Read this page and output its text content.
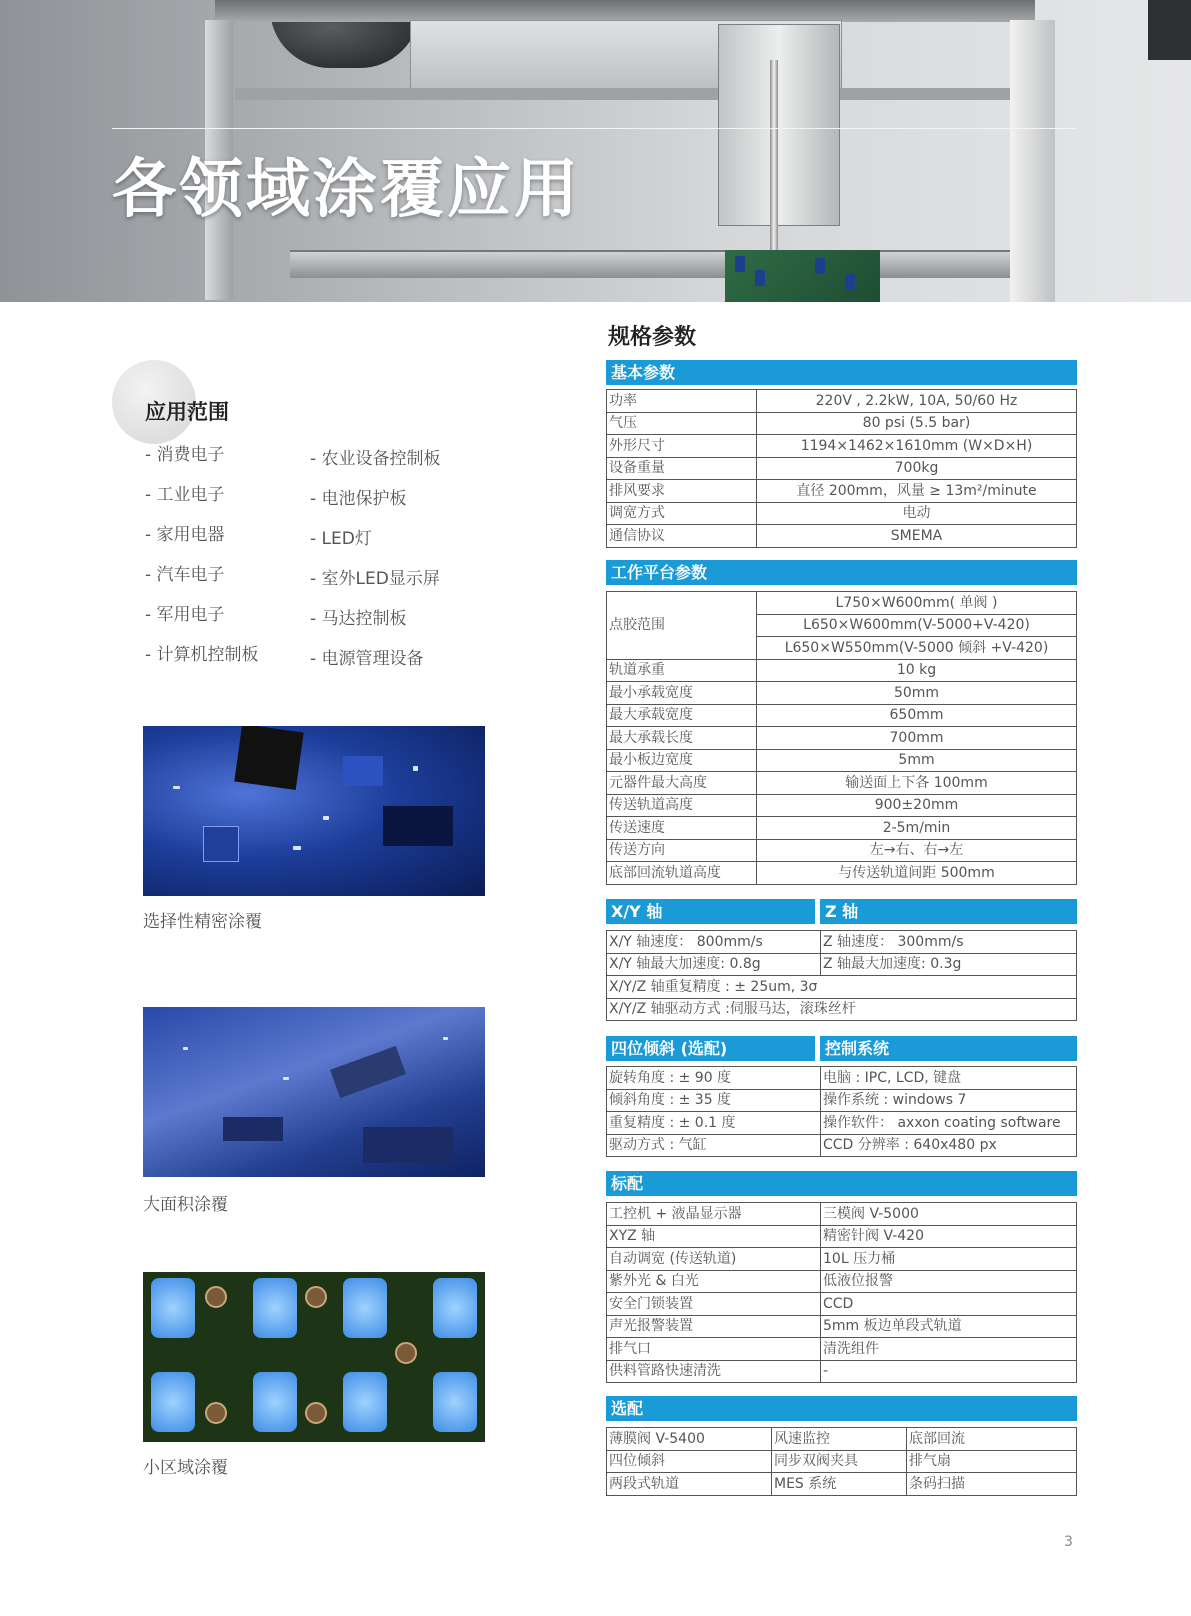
各领域涂覆应用
应用范围
- 消费电子
- 工业电子
- 家用电器
- 汽车电子
- 军用电子
- 计算机控制板
- 农业设备控制板
- 电池保护板
- LED灯
- 室外LED显示屏
- 马达控制板
- 电源管理设备

选择性精密涂覆

大面积涂覆

小区域涂覆

规格参数
基本参数
功率	220V , 2.2kW, 10A, 50/60 Hz
气压	80 psi (5.5 bar)
外形尺寸	1194×1462×1610mm (W×D×H)
设备重量	700kg
排风要求	直径 200mm，风量 ≥ 13m²/minute
调宽方式	电动
通信协议	SMEMA
工作平台参数
点胶范围	L750×W600mm( 单阀 )
	L650×W600mm(V-5000+V-420)
	L650×W550mm(V-5000 倾斜 +V-420)
轨道承重	10 kg
最小承载宽度	50mm
最大承载宽度	650mm
最大承载长度	700mm
最小板边宽度	5mm
元器件最大高度	输送面上下各 100mm
传送轨道高度	900±20mm
传送速度	2-5m/min
传送方向	左→右、右→左
底部回流轨道高度	与传送轨道间距 500mm
X/Y 轴	Z 轴
X/Y 轴速度： 800mm/s	Z 轴速度： 300mm/s
X/Y 轴最大加速度: 0.8g	Z 轴最大加速度: 0.3g
X/Y/Z 轴重复精度 : ± 25um, 3σ	
X/Y/Z 轴驱动方式 :伺服马达，滚珠丝杆	
四位倾斜 (选配)	控制系统
旋转角度 : ± 90 度	电脑 : IPC, LCD, 键盘
倾斜角度 : ± 35 度	操作系统 : windows 7
重复精度 : ± 0.1 度	操作软件： axxon coating software
驱动方式 : 气缸	CCD 分辨率 : 640x480 px
标配
工控机 + 液晶显示器	三模阀 V-5000
XYZ 轴	精密针阀 V-420
自动调宽 (传送轨道)	10L 压力桶
紫外光 & 白光	低液位报警
安全门锁装置	CCD
声光报警装置	5mm 板边单段式轨道
排气口	清洗组件
供料管路快速清洗	-
选配
薄膜阀 V-5400	风速监控	底部回流
四位倾斜	同步双阀夹具	排气扇
两段式轨道	MES 系统	条码扫描

3
